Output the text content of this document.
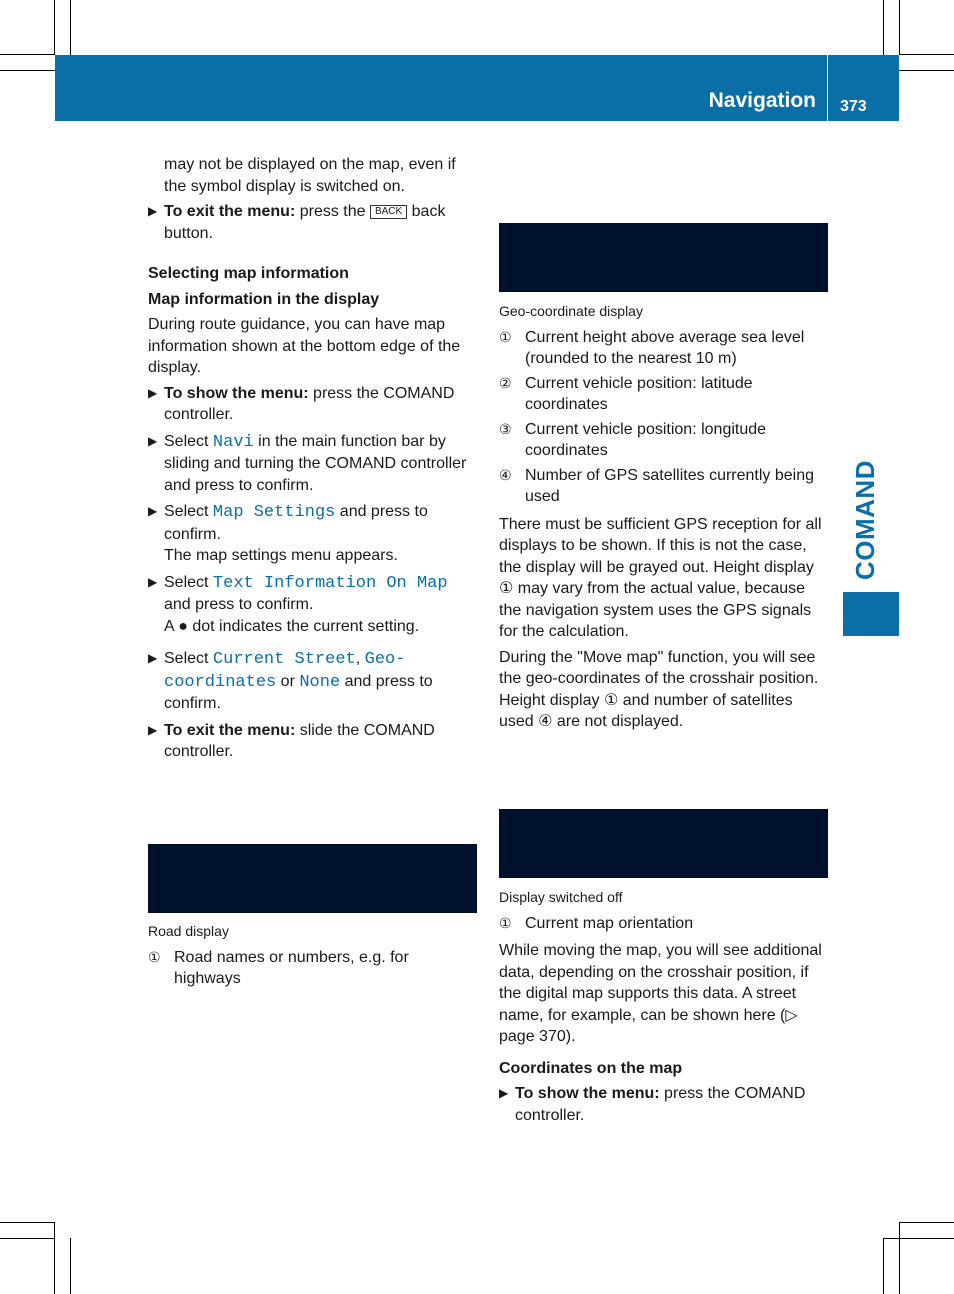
Navigation 373
COMAND

may not be displayed on the map, even if the symbol display is switched on.

▶ To exit the menu: press the BACK back button.

Selecting map information

Map information in the display

During route guidance, you can have map information shown at the bottom edge of the display.

▶ To show the menu: press the COMAND controller.
▶ Select Navi in the main function bar by sliding and turning the COMAND controller and press to confirm.
▶ Select Map Settings and press to confirm.
The map settings menu appears.
▶ Select Text Information On Map and press to confirm.
A ● dot indicates the current setting.
▶ Select Current Street, Geo-coordinates or None and press to confirm.
▶ To exit the menu: slide the COMAND controller.
Road display
① Road names or numbers, e.g. for highways
Geo-coordinate display
① Current height above average sea level (rounded to the nearest 10 m)
② Current vehicle position: latitude coordinates
③ Current vehicle position: longitude coordinates
④ Number of GPS satellites currently being used

There must be sufficient GPS reception for all displays to be shown. If this is not the case, the display will be grayed out. Height display ① may vary from the actual value, because the navigation system uses the GPS signals for the calculation.

During the "Move map" function, you will see the geo-coordinates of the crosshair position. Height display ① and number of satellites used ④ are not displayed.

Display switched off
① Current map orientation

While moving the map, you will see additional data, depending on the crosshair position, if the digital map supports this data. A street name, for example, can be shown here (▷ page 370).

Coordinates on the map

▶ To show the menu: press the COMAND controller.
